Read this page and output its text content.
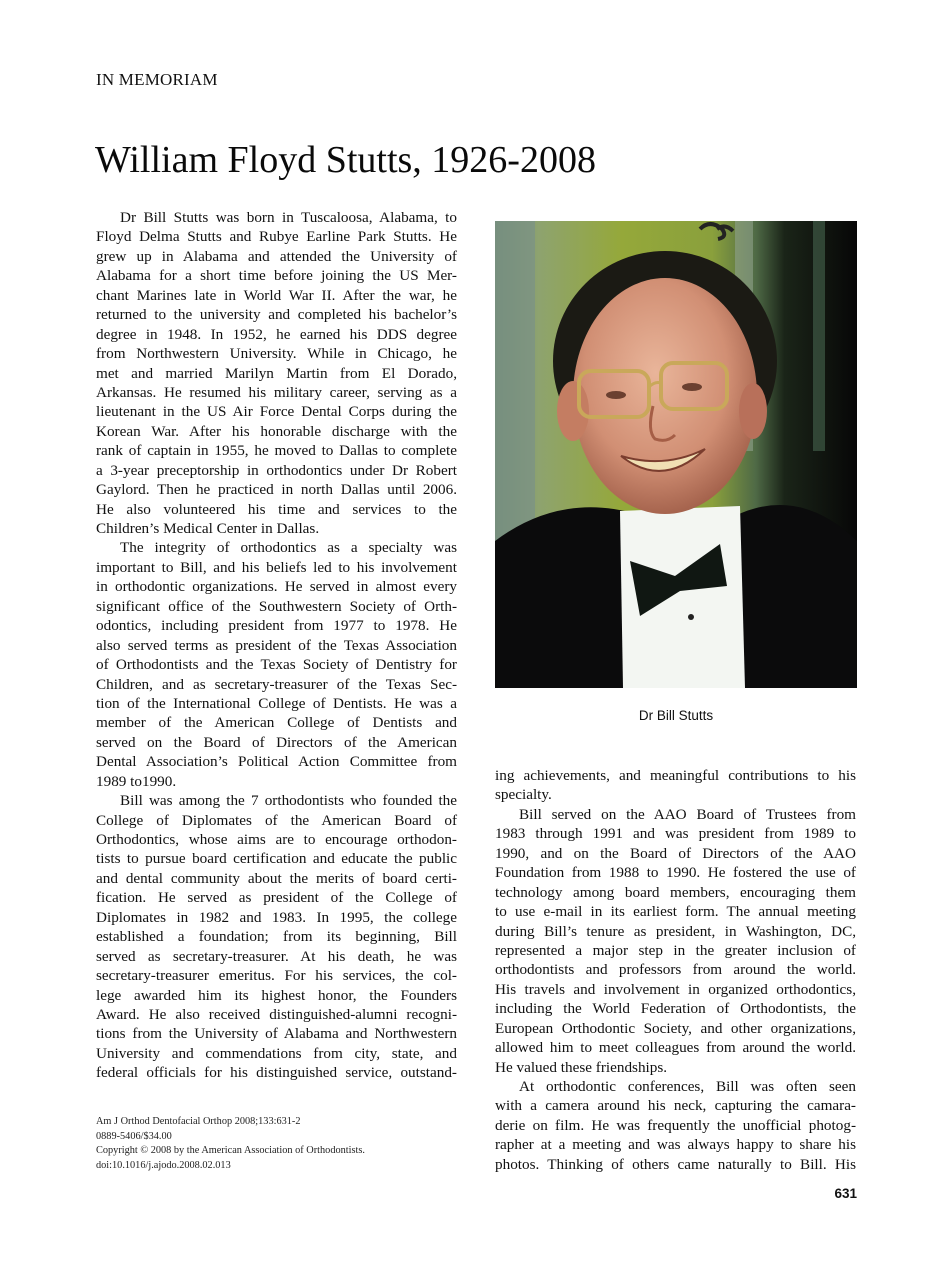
IN MEMORIAM
William Floyd Stutts, 1926-2008
Dr Bill Stutts was born in Tuscaloosa, Alabama, to
Floyd Delma Stutts and Rubye Earline Park Stutts. He
grew up in Alabama and attended the University of
Alabama for a short time before joining the US Mer-
chant Marines late in World War II. After the war, he
returned to the university and completed his bachelor’s
degree in 1948. In 1952, he earned his DDS degree
from Northwestern University. While in Chicago, he
met and married Marilyn Martin from El Dorado,
Arkansas. He resumed his military career, serving as a
lieutenant in the US Air Force Dental Corps during the
Korean War. After his honorable discharge with the
rank of captain in 1955, he moved to Dallas to complete
a 3-year preceptorship in orthodontics under Dr Robert
Gaylord. Then he practiced in north Dallas until 2006.
He also volunteered his time and services to the
Children’s Medical Center in Dallas.
The integrity of orthodontics as a specialty was
important to Bill, and his beliefs led to his involvement
in orthodontic organizations. He served in almost every
significant office of the Southwestern Society of Orth-
odontics, including president from 1977 to 1978. He
also served terms as president of the Texas Association
of Orthodontists and the Texas Society of Dentistry for
Children, and as secretary-treasurer of the Texas Sec-
tion of the International College of Dentists. He was a
member of the American College of Dentists and
served on the Board of Directors of the American
Dental Association’s Political Action Committee from
1989 to1990.
Bill was among the 7 orthodontists who founded the
College of Diplomates of the American Board of
Orthodontics, whose aims are to encourage orthodon-
tists to pursue board certification and educate the public
and dental community about the merits of board certi-
fication. He served as president of the College of
Diplomates in 1982 and 1983. In 1995, the college
established a foundation; from its beginning, Bill
served as secretary-treasurer. At his death, he was
secretary-treasurer emeritus. For his services, the col-
lege awarded him its highest honor, the Founders
Award. He also received distinguished-alumni recogni-
tions from the University of Alabama and Northwestern
University and commendations from city, state, and
federal officials for his distinguished service, outstand-
Dr Bill Stutts
ing achievements, and meaningful contributions to his
specialty.
Bill served on the AAO Board of Trustees from
1983 through 1991 and was president from 1989 to
1990, and on the Board of Directors of the AAO
Foundation from 1988 to 1990. He fostered the use of
technology among board members, encouraging them
to use e-mail in its earliest form. The annual meeting
during Bill’s tenure as president, in Washington, DC,
represented a major step in the greater inclusion of
orthodontists and professors from around the world.
His travels and involvement in organized orthodontics,
including the World Federation of Orthodontists, the
European Orthodontic Society, and other organizations,
allowed him to meet colleagues from around the world.
He valued these friendships.
At orthodontic conferences, Bill was often seen
with a camera around his neck, capturing the camara-
derie on film. He was frequently the unofficial photog-
rapher at a meeting and was always happy to share his
photos. Thinking of others came naturally to Bill. His
Am J Orthod Dentofacial Orthop 2008;133:631-2
0889-5406/$34.00
Copyright © 2008 by the American Association of Orthodontists.
doi:10.1016/j.ajodo.2008.02.013
631
